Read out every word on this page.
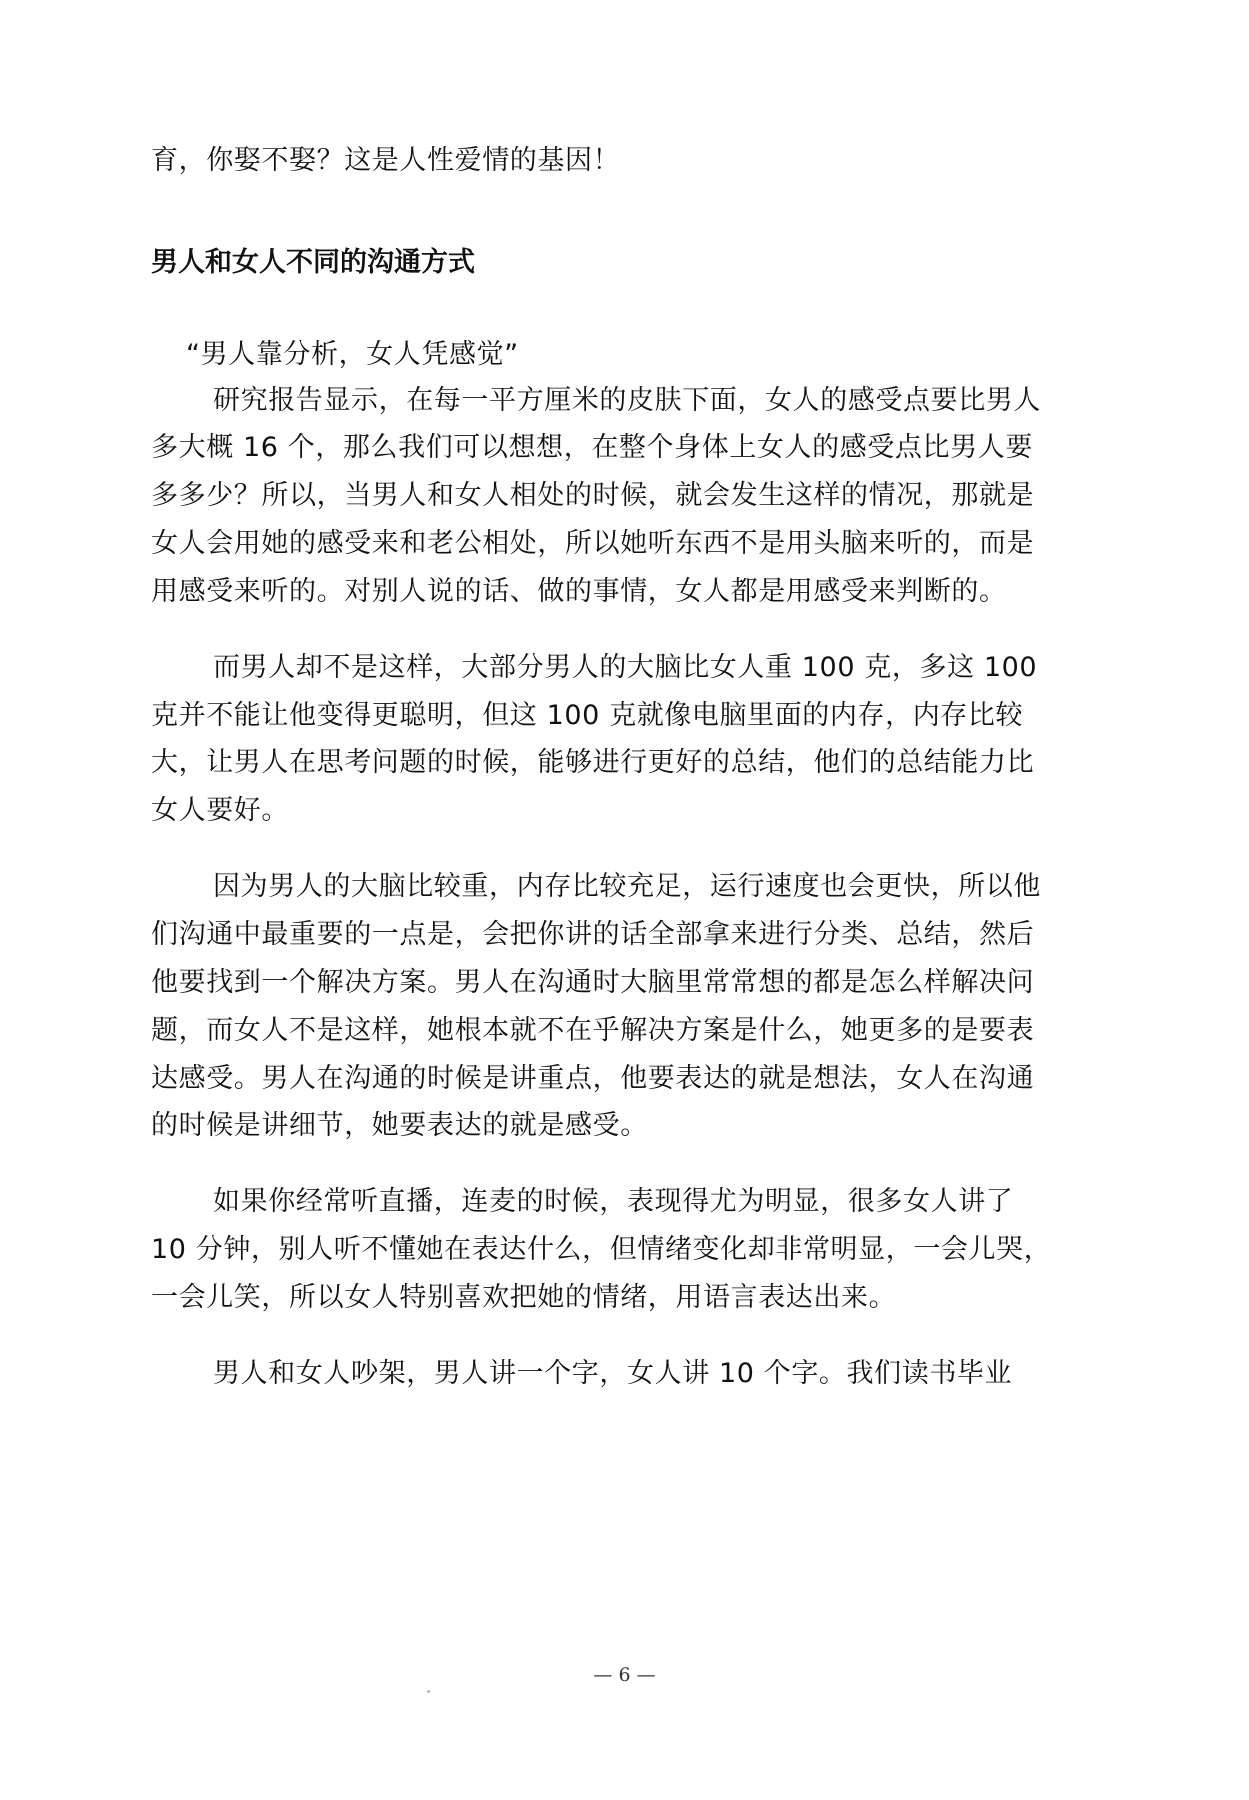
育，你娶不娶？这是人性爱情的基因！
男人和女人不同的沟通方式
“男人靠分析，女人凭感觉”
研究报告显示，在每一平方厘米的皮肤下面，女人的感受点要比男人
多大概 16 个，那么我们可以想想，在整个身体上女人的感受点比男人要
多多少？所以，当男人和女人相处的时候，就会发生这样的情况，那就是
女人会用她的感受来和老公相处，所以她听东西不是用头脑来听的，而是
用感受来听的。对别人说的话、做的事情，女人都是用感受来判断的。
而男人却不是这样，大部分男人的大脑比女人重 100 克，多这 100
克并不能让他变得更聪明，但这 100 克就像电脑里面的内存，内存比较
大，让男人在思考问题的时候，能够进行更好的总结，他们的总结能力比
女人要好。
因为男人的大脑比较重，内存比较充足，运行速度也会更快，所以他
们沟通中最重要的一点是，会把你讲的话全部拿来进行分类、总结，然后
他要找到一个解决方案。男人在沟通时大脑里常常想的都是怎么样解决问
题，而女人不是这样，她根本就不在乎解决方案是什么，她更多的是要表
达感受。男人在沟通的时候是讲重点，他要表达的就是想法，女人在沟通
的时候是讲细节，她要表达的就是感受。
如果你经常听直播，连麦的时候，表现得尤为明显，很多女人讲了
10 分钟，别人听不懂她在表达什么，但情绪变化却非常明显，一会儿哭，
一会儿笑，所以女人特别喜欢把她的情绪，用语言表达出来。
男人和女人吵架，男人讲一个字，女人讲 10 个字。我们读书毕业
— 6 —
